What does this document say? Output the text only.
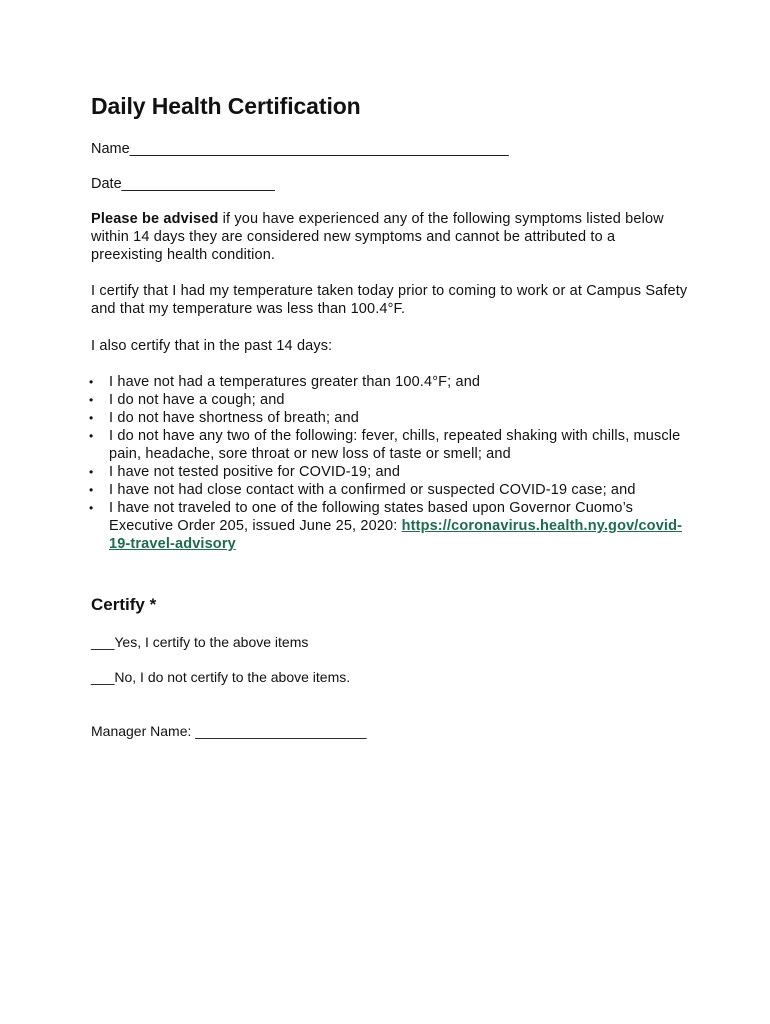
Daily Health Certification

Name_______________________________________________

Date___________________

Please be advised if you have experienced any of the following symptoms listed below within 14 days they are considered new symptoms and cannot be attributed to a preexisting health condition.

I certify that I had my temperature taken today prior to coming to work or at Campus Safety and that my temperature was less than 100.4°F.

I also certify that in the past 14 days:

• I have not had a temperatures greater than 100.4°F; and
• I do not have a cough; and
• I do not have shortness of breath; and
• I do not have any two of the following: fever, chills, repeated shaking with chills, muscle pain, headache, sore throat or new loss of taste or smell; and
• I have not tested positive for COVID-19; and
• I have not had close contact with a confirmed or suspected COVID-19 case; and
• I have not traveled to one of the following states based upon Governor Cuomo’s Executive Order 205, issued June 25, 2020: https://coronavirus.health.ny.gov/covid-19-travel-advisory
Certify *

___Yes, I certify to the above items

___No, I do not certify to the above items.

Manager Name: ______________________
